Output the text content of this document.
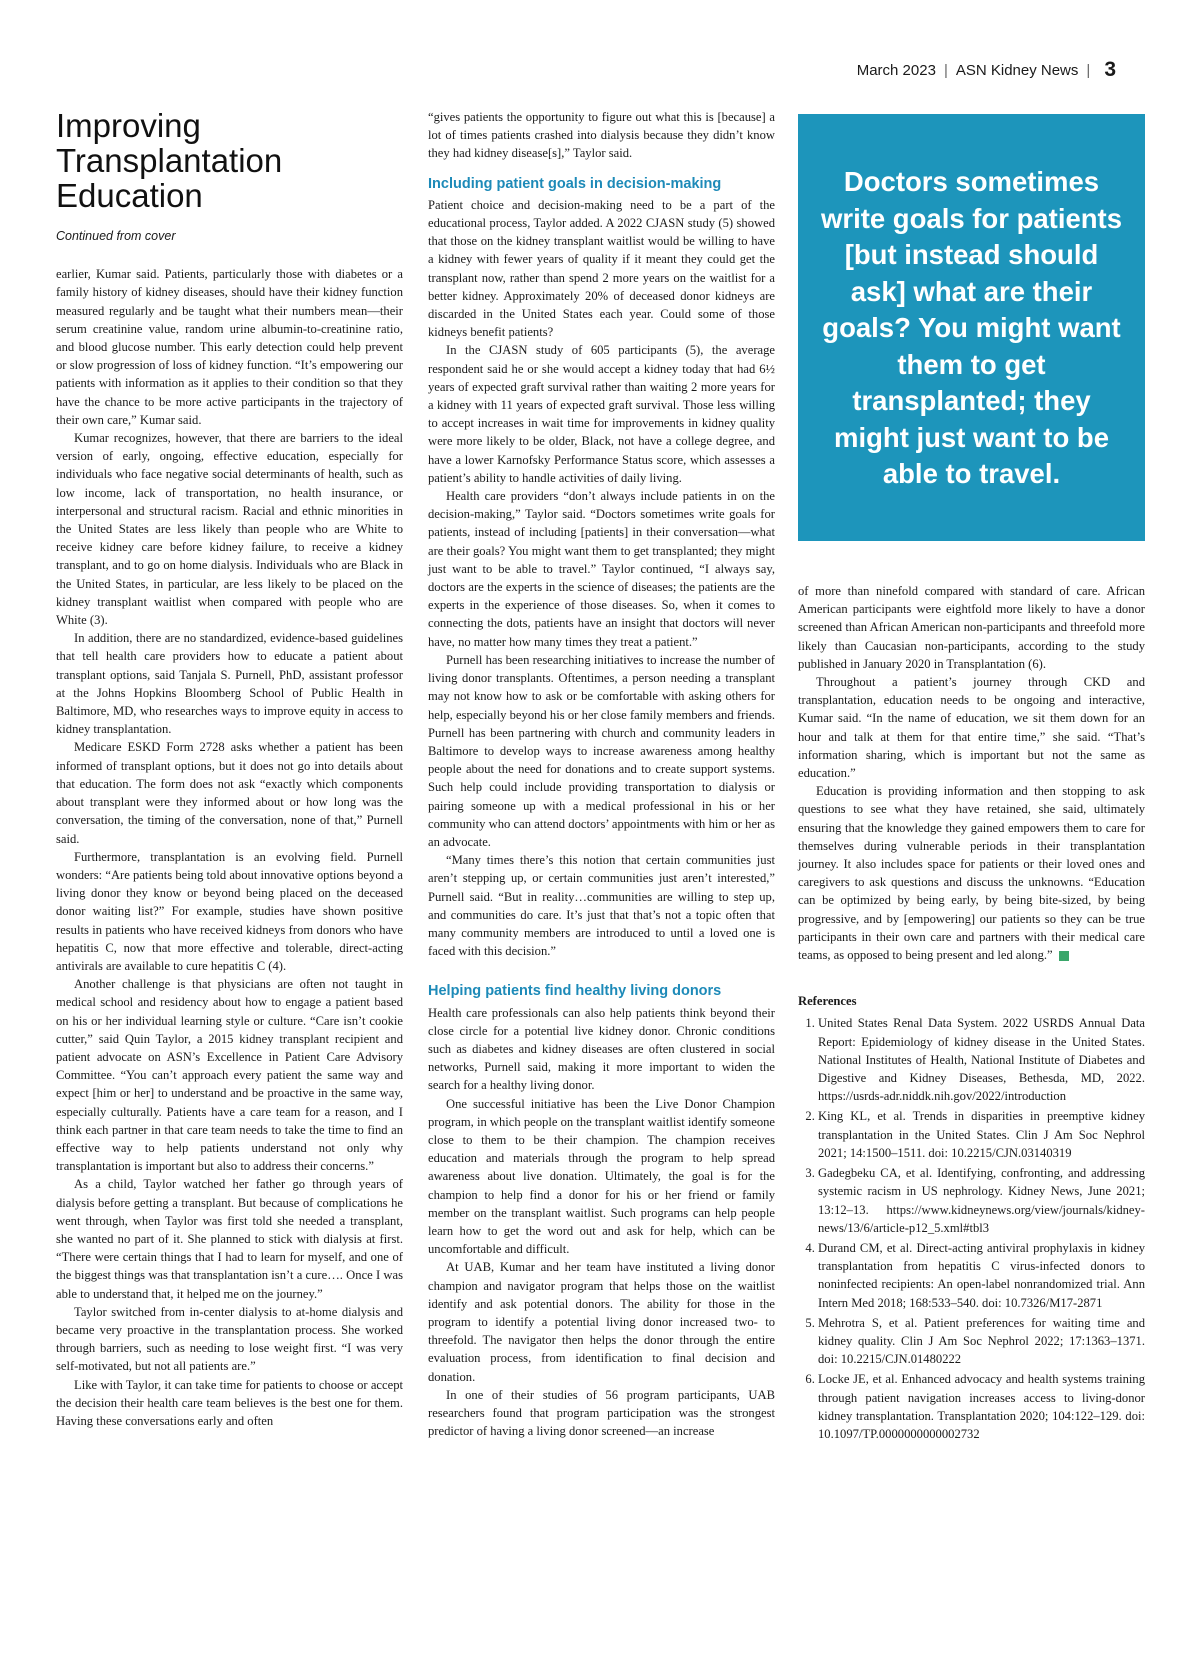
March 2023 | ASN Kidney News | 3
Improving Transplantation Education
Continued from cover

earlier, Kumar said. Patients, particularly those with diabetes or a family history of kidney diseases, should have their kidney function measured regularly and be taught what their numbers mean—their serum creatinine value, random urine albumin-to-creatinine ratio, and blood glucose number. This early detection could help prevent or slow progression of loss of kidney function. “It’s empowering our patients with information as it applies to their condition so that they have the chance to be more active participants in the trajectory of their own care,” Kumar said.

Kumar recognizes, however, that there are barriers to the ideal version of early, ongoing, effective education, especially for individuals who face negative social determinants of health, such as low income, lack of transportation, no health insurance, or interpersonal and structural racism. Racial and ethnic minorities in the United States are less likely than people who are White to receive kidney care before kidney failure, to receive a kidney transplant, and to go on home dialysis. Individuals who are Black in the United States, in particular, are less likely to be placed on the kidney transplant waitlist when compared with people who are White (3).

In addition, there are no standardized, evidence-based guidelines that tell health care providers how to educate a patient about transplant options, said Tanjala S. Purnell, PhD, assistant professor at the Johns Hopkins Bloomberg School of Public Health in Baltimore, MD, who researches ways to improve equity in access to kidney transplantation.

Medicare ESKD Form 2728 asks whether a patient has been informed of transplant options, but it does not go into details about that education. The form does not ask “exactly which components about transplant were they informed about or how long was the conversation, the timing of the conversation, none of that,” Purnell said.

Furthermore, transplantation is an evolving field. Purnell wonders: “Are patients being told about innovative options beyond a living donor they know or beyond being placed on the deceased donor waiting list?” For example, studies have shown positive results in patients who have received kidneys from donors who have hepatitis C, now that more effective and tolerable, direct-acting antivirals are available to cure hepatitis C (4).

Another challenge is that physicians are often not taught in medical school and residency about how to engage a patient based on his or her individual learning style or culture. “Care isn’t cookie cutter,” said Quin Taylor, a 2015 kidney transplant recipient and patient advocate on ASN’s Excellence in Patient Care Advisory Committee. “You can’t approach every patient the same way and expect [him or her] to understand and be proactive in the same way, especially culturally. Patients have a care team for a reason, and I think each partner in that care team needs to take the time to find an effective way to help patients understand not only why transplantation is important but also to address their concerns.”

As a child, Taylor watched her father go through years of dialysis before getting a transplant. But because of complications he went through, when Taylor was first told she needed a transplant, she wanted no part of it. She planned to stick with dialysis at first. “There were certain things that I had to learn for myself, and one of the biggest things was that transplantation isn’t a cure…. Once I was able to understand that, it helped me on the journey.”

Taylor switched from in-center dialysis to at-home dialysis and became very proactive in the transplantation process. She worked through barriers, such as needing to lose weight first. “I was very self-motivated, but not all patients are.”

Like with Taylor, it can take time for patients to choose or accept the decision their health care team believes is the best one for them. Having these conversations early and often

“gives patients the opportunity to figure out what this is [because] a lot of times patients crashed into dialysis because they didn’t know they had kidney disease[s],” Taylor said.

Including patient goals in decision-making

Patient choice and decision-making need to be a part of the educational process, Taylor added. A 2022 CJASN study (5) showed that those on the kidney transplant waitlist would be willing to have a kidney with fewer years of quality if it meant they could get the transplant now, rather than spend 2 more years on the waitlist for a better kidney. Approximately 20% of deceased donor kidneys are discarded in the United States each year. Could some of those kidneys benefit patients?

In the CJASN study of 605 participants (5), the average respondent said he or she would accept a kidney today that had 6½ years of expected graft survival rather than waiting 2 more years for a kidney with 11 years of expected graft survival. Those less willing to accept increases in wait time for improvements in kidney quality were more likely to be older, Black, not have a college degree, and have a lower Karnofsky Performance Status score, which assesses a patient’s ability to handle activities of daily living.

Health care providers “don’t always include patients in on the decision-making,” Taylor said. “Doctors sometimes write goals for patients, instead of including [patients] in their conversation—what are their goals? You might want them to get transplanted; they might just want to be able to travel.” Taylor continued, “I always say, doctors are the experts in the science of diseases; the patients are the experts in the experience of those diseases. So, when it comes to connecting the dots, patients have an insight that doctors will never have, no matter how many times they treat a patient.”

Purnell has been researching initiatives to increase the number of living donor transplants. Oftentimes, a person needing a transplant may not know how to ask or be comfortable with asking others for help, especially beyond his or her close family members and friends. Purnell has been partnering with church and community leaders in Baltimore to develop ways to increase awareness among healthy people about the need for donations and to create support systems. Such help could include providing transportation to dialysis or pairing someone up with a medical professional in his or her community who can attend doctors’ appointments with him or her as an advocate.

“Many times there’s this notion that certain communities just aren’t stepping up, or certain communities just aren’t interested,” Purnell said. “But in reality…communities are willing to step up, and communities do care. It’s just that that’s not a topic often that many community members are introduced to until a loved one is faced with this decision.”

Helping patients find healthy living donors

Health care professionals can also help patients think beyond their close circle for a potential live kidney donor. Chronic conditions such as diabetes and kidney diseases are often clustered in social networks, Purnell said, making it more important to widen the search for a healthy living donor.

One successful initiative has been the Live Donor Champion program, in which people on the transplant waitlist identify someone close to them to be their champion. The champion receives education and materials through the program to help spread awareness about live donation. Ultimately, the goal is for the champion to help find a donor for his or her friend or family member on the transplant waitlist. Such programs can help people learn how to get the word out and ask for help, which can be uncomfortable and difficult.

At UAB, Kumar and her team have instituted a living donor champion and navigator program that helps those on the waitlist identify and ask potential donors. The ability for those in the program to identify a potential living donor increased two- to threefold. The navigator then helps the donor through the entire evaluation process, from identification to final decision and donation.

In one of their studies of 56 program participants, UAB researchers found that program participation was the strongest predictor of having a living donor screened—an increase

Doctors sometimes write goals for patients [but instead should ask] what are their goals? You might want them to get transplanted; they might just want to be able to travel.

of more than ninefold compared with standard of care. African American participants were eightfold more likely to have a donor screened than African American non-participants and threefold more likely than Caucasian non-participants, according to the study published in January 2020 in Transplantation (6).

Throughout a patient’s journey through CKD and transplantation, education needs to be ongoing and interactive, Kumar said. “In the name of education, we sit them down for an hour and talk at them for that entire time,” she said. “That’s information sharing, which is important but not the same as education.”

Education is providing information and then stopping to ask questions to see what they have retained, she said, ultimately ensuring that the knowledge they gained empowers them to care for themselves during vulnerable periods in their transplantation journey. It also includes space for patients or their loved ones and caregivers to ask questions and discuss the unknowns. “Education can be optimized by being early, by being bite-sized, by being progressive, and by [empowering] our patients so they can be true participants in their own care and partners with their medical care teams, as opposed to being present and led along.”

References
1. United States Renal Data System. 2022 USRDS Annual Data Report: Epidemiology of kidney disease in the United States. National Institutes of Health, National Institute of Diabetes and Digestive and Kidney Diseases, Bethesda, MD, 2022. https://usrds-adr.niddk.nih.gov/2022/introduction
2. King KL, et al. Trends in disparities in preemptive kidney transplantation in the United States. Clin J Am Soc Nephrol 2021; 14:1500–1511. doi: 10.2215/CJN.03140319
3. Gadegbeku CA, et al. Identifying, confronting, and addressing systemic racism in US nephrology. Kidney News, June 2021; 13:12–13. https://www.kidneynews.org/view/journals/kidney-news/13/6/article-p12_5.xml#tbl3
4. Durand CM, et al. Direct-acting antiviral prophylaxis in kidney transplantation from hepatitis C virus-infected donors to noninfected recipients: An open-label nonrandomized trial. Ann Intern Med 2018; 168:533–540. doi: 10.7326/M17-2871
5. Mehrotra S, et al. Patient preferences for waiting time and kidney quality. Clin J Am Soc Nephrol 2022; 17:1363–1371. doi: 10.2215/CJN.01480222
6. Locke JE, et al. Enhanced advocacy and health systems training through patient navigation increases access to living-donor kidney transplantation. Transplantation 2020; 104:122–129. doi: 10.1097/TP.0000000000002732
